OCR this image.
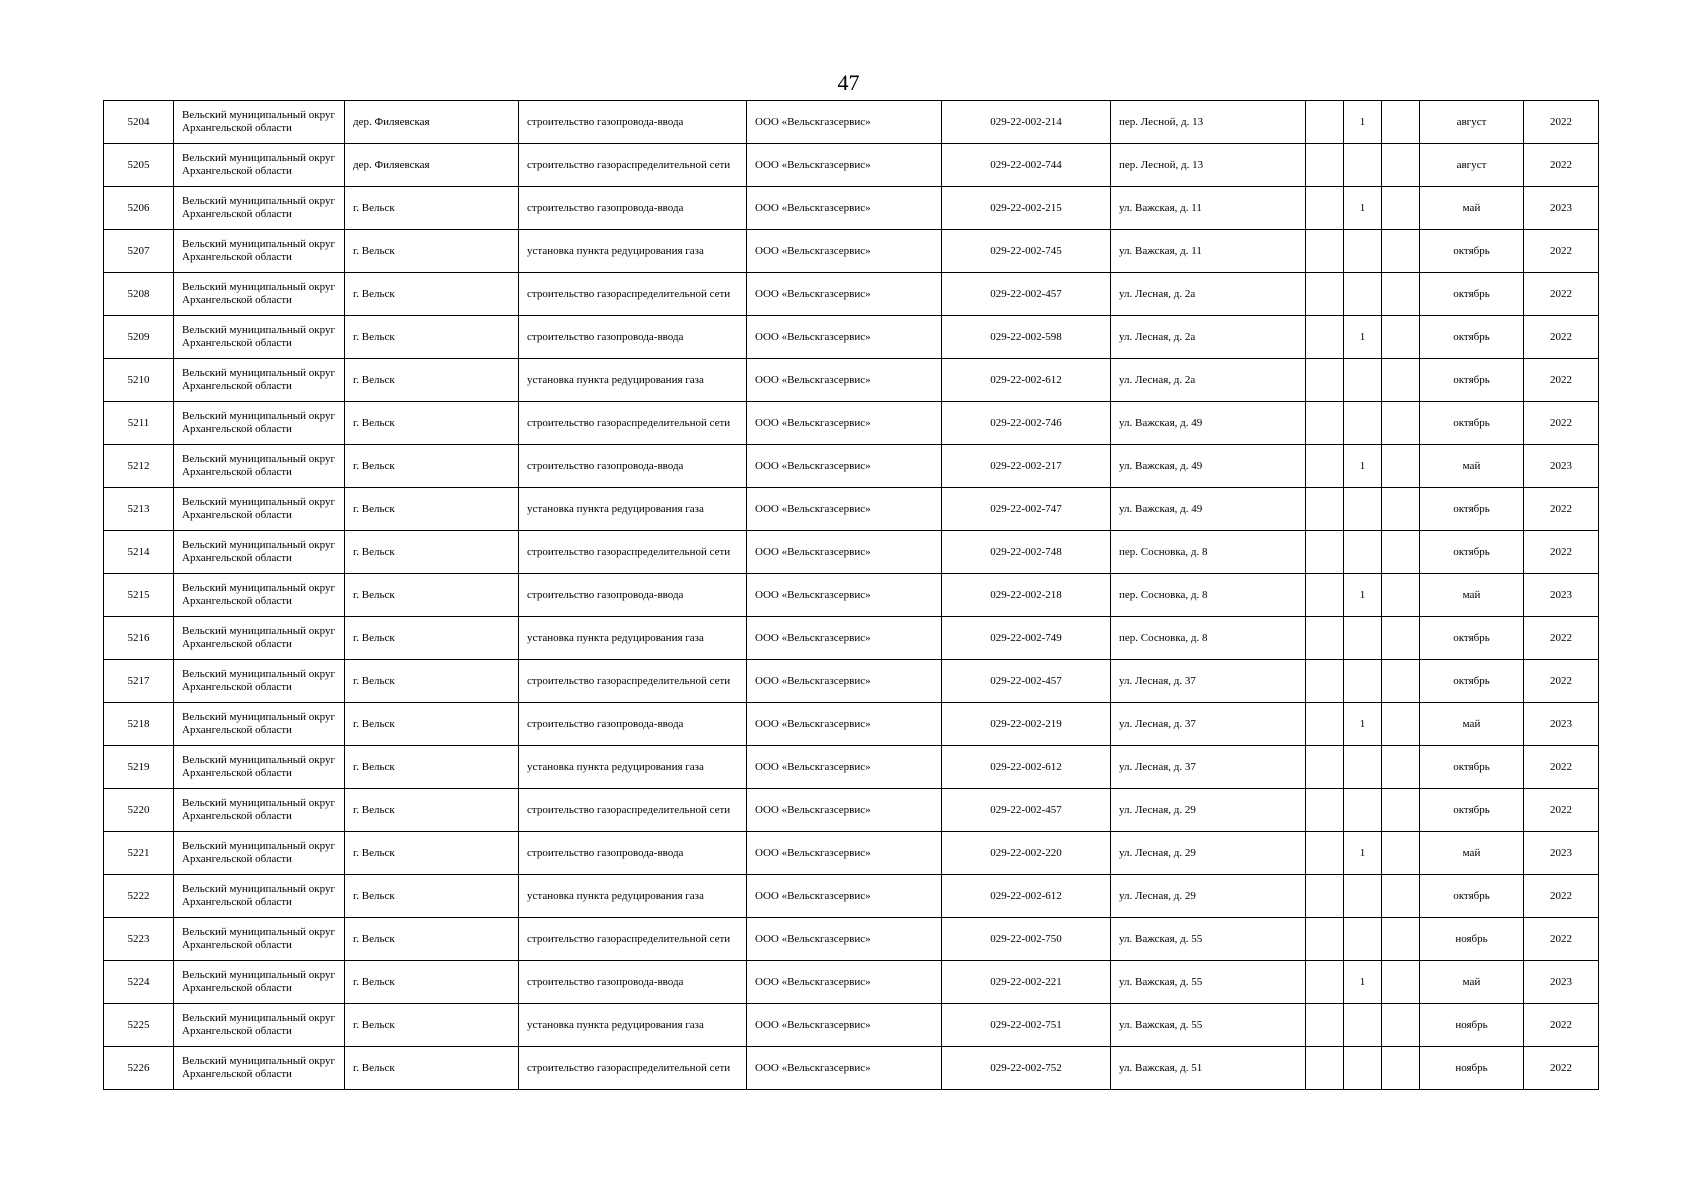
47
5204	Вельский муниципальный округ Архангельской области	дер. Филяевская	строительство газопровода-ввода	ООО «Вельскгазсервис»	029-22-002-214	пер. Лесной, д. 13		1		август	2022
5205	Вельский муниципальный округ Архангельской области	дер. Филяевская	строительство газораспределительной сети	ООО «Вельскгазсервис»	029-22-002-744	пер. Лесной, д. 13				август	2022
5206	Вельский муниципальный округ Архангельской области	г. Вельск	строительство газопровода-ввода	ООО «Вельскгазсервис»	029-22-002-215	ул. Важская, д. 11		1		май	2023
5207	Вельский муниципальный округ Архангельской области	г. Вельск	установка пункта редуцирования газа	ООО «Вельскгазсервис»	029-22-002-745	ул. Важская, д. 11				октябрь	2022
5208	Вельский муниципальный округ Архангельской области	г. Вельск	строительство газораспределительной сети	ООО «Вельскгазсервис»	029-22-002-457	ул. Лесная, д. 2а				октябрь	2022
5209	Вельский муниципальный округ Архангельской области	г. Вельск	строительство газопровода-ввода	ООО «Вельскгазсервис»	029-22-002-598	ул. Лесная, д. 2а		1		октябрь	2022
5210	Вельский муниципальный округ Архангельской области	г. Вельск	установка пункта редуцирования газа	ООО «Вельскгазсервис»	029-22-002-612	ул. Лесная, д. 2а				октябрь	2022
5211	Вельский муниципальный округ Архангельской области	г. Вельск	строительство газораспределительной сети	ООО «Вельскгазсервис»	029-22-002-746	ул. Важская, д. 49				октябрь	2022
5212	Вельский муниципальный округ Архангельской области	г. Вельск	строительство газопровода-ввода	ООО «Вельскгазсервис»	029-22-002-217	ул. Важская, д. 49		1		май	2023
5213	Вельский муниципальный округ Архангельской области	г. Вельск	установка пункта редуцирования газа	ООО «Вельскгазсервис»	029-22-002-747	ул. Важская, д. 49				октябрь	2022
5214	Вельский муниципальный округ Архангельской области	г. Вельск	строительство газораспределительной сети	ООО «Вельскгазсервис»	029-22-002-748	пер. Сосновка, д. 8				октябрь	2022
5215	Вельский муниципальный округ Архангельской области	г. Вельск	строительство газопровода-ввода	ООО «Вельскгазсервис»	029-22-002-218	пер. Сосновка, д. 8		1		май	2023
5216	Вельский муниципальный округ Архангельской области	г. Вельск	установка пункта редуцирования газа	ООО «Вельскгазсервис»	029-22-002-749	пер. Сосновка, д. 8				октябрь	2022
5217	Вельский муниципальный округ Архангельской области	г. Вельск	строительство газораспределительной сети	ООО «Вельскгазсервис»	029-22-002-457	ул. Лесная, д. 37				октябрь	2022
5218	Вельский муниципальный округ Архангельской области	г. Вельск	строительство газопровода-ввода	ООО «Вельскгазсервис»	029-22-002-219	ул. Лесная, д. 37		1		май	2023
5219	Вельский муниципальный округ Архангельской области	г. Вельск	установка пункта редуцирования газа	ООО «Вельскгазсервис»	029-22-002-612	ул. Лесная, д. 37				октябрь	2022
5220	Вельский муниципальный округ Архангельской области	г. Вельск	строительство газораспределительной сети	ООО «Вельскгазсервис»	029-22-002-457	ул. Лесная, д. 29				октябрь	2022
5221	Вельский муниципальный округ Архангельской области	г. Вельск	строительство газопровода-ввода	ООО «Вельскгазсервис»	029-22-002-220	ул. Лесная, д. 29		1		май	2023
5222	Вельский муниципальный округ Архангельской области	г. Вельск	установка пункта редуцирования газа	ООО «Вельскгазсервис»	029-22-002-612	ул. Лесная, д. 29				октябрь	2022
5223	Вельский муниципальный округ Архангельской области	г. Вельск	строительство газораспределительной сети	ООО «Вельскгазсервис»	029-22-002-750	ул. Важская, д. 55				ноябрь	2022
5224	Вельский муниципальный округ Архангельской области	г. Вельск	строительство газопровода-ввода	ООО «Вельскгазсервис»	029-22-002-221	ул. Важская, д. 55		1		май	2023
5225	Вельский муниципальный округ Архангельской области	г. Вельск	установка пункта редуцирования газа	ООО «Вельскгазсервис»	029-22-002-751	ул. Важская, д. 55				ноябрь	2022
5226	Вельский муниципальный округ Архангельской области	г. Вельск	строительство газораспределительной сети	ООО «Вельскгазсервис»	029-22-002-752	ул. Важская, д. 51				ноябрь	2022
